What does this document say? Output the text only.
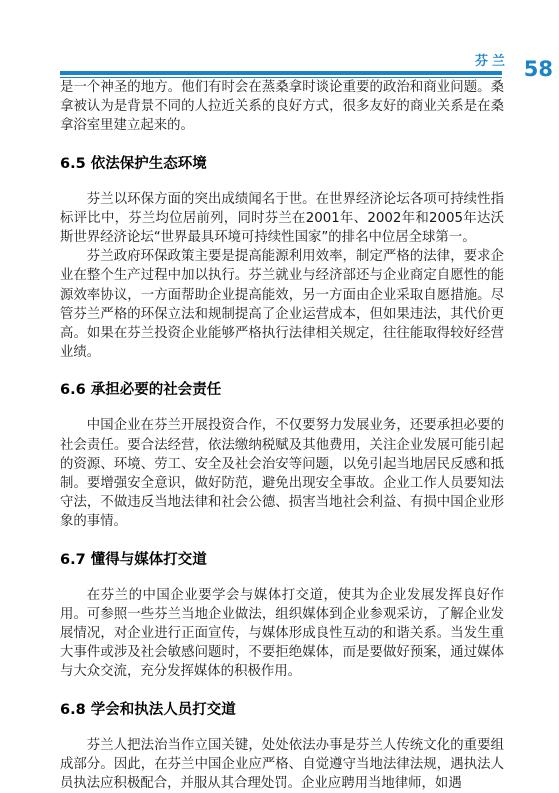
芬兰 58

是一个神圣的地方。他们有时会在蒸桑拿时谈论重要的政治和商业问题。桑拿被认为是背景不同的人拉近关系的良好方式，很多友好的商业关系是在桑拿浴室里建立起来的。

6.5 依法保护生态环境

芬兰以环保方面的突出成绩闻名于世。在世界经济论坛各项可持续性指标评比中，芬兰均位居前列，同时芬兰在2001年、2002年和2005年达沃斯世界经济论坛“世界最具环境可持续性国家”的排名中位居全球第一。

芬兰政府环保政策主要是提高能源利用效率，制定严格的法律，要求企业在整个生产过程中加以执行。芬兰就业与经济部还与企业商定自愿性的能源效率协议，一方面帮助企业提高能效，另一方面由企业采取自愿措施。尽管芬兰严格的环保立法和规制提高了企业运营成本，但如果违法，其代价更高。如果在芬兰投资企业能够严格执行法律相关规定，往往能取得较好经营业绩。

6.6 承担必要的社会责任

中国企业在芬兰开展投资合作，不仅要努力发展业务，还要承担必要的社会责任。要合法经营，依法缴纳税赋及其他费用，关注企业发展可能引起的资源、环境、劳工、安全及社会治安等问题，以免引起当地居民反感和抵制。要增强安全意识，做好防范，避免出现安全事故。企业工作人员要知法守法，不做违反当地法律和社会公德、损害当地社会利益、有损中国企业形象的事情。

6.7 懂得与媒体打交道

在芬兰的中国企业要学会与媒体打交道，使其为企业发展发挥良好作用。可参照一些芬兰当地企业做法，组织媒体到企业参观采访，了解企业发展情况，对企业进行正面宣传，与媒体形成良性互动的和谐关系。当发生重大事件或涉及社会敏感问题时，不要拒绝媒体，而是要做好预案，通过媒体与大众交流，充分发挥媒体的积极作用。

6.8 学会和执法人员打交道

芬兰人把法治当作立国关键，处处依法办事是芬兰人传统文化的重要组成部分。因此，在芬兰中国企业应严格、自觉遵守当地法律法规，遇执法人员执法应积极配合，并服从其合理处罚。企业应聘用当地律师，如遇
